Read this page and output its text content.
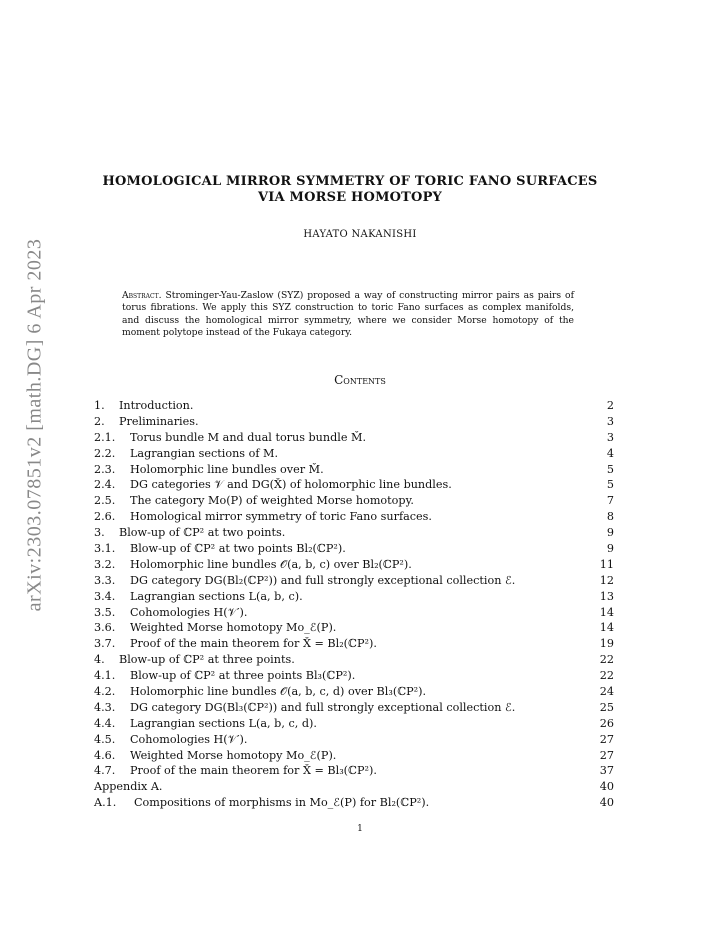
arXiv:2303.07851v2 [math.DG] 6 Apr 2023
HOMOLOGICAL MIRROR SYMMETRY OF TORIC FANO SURFACES
VIA MORSE HOMOTOPY
HAYATO NAKANISHI
Abstract. Strominger-Yau-Zaslow (SYZ) proposed a way of constructing mirror pairs as pairs of torus fibrations. We apply this SYZ construction to toric Fano surfaces as complex manifolds, and discuss the homological mirror symmetry, where we consider Morse homotopy of the moment polytope instead of the Fukaya category.
Contents
1.	Introduction.	2
2.	Preliminaries.	3
2.1.	Torus bundle M and dual torus bundle M̌.	3
2.2.	Lagrangian sections of M.	4
2.3.	Holomorphic line bundles over M̌.	5
2.4.	DG categories 𝒱 and DG(X̌) of holomorphic line bundles.	5
2.5.	The category Mo(P) of weighted Morse homotopy.	7
2.6.	Homological mirror symmetry of toric Fano surfaces.	8
3.	Blow-up of ℂP² at two points.	9
3.1.	Blow-up of ℂP² at two points Bl₂(ℂP²).	9
3.2.	Holomorphic line bundles 𝒪(a, b, c) over Bl₂(ℂP²).	11
3.3.	DG category DG(Bl₂(ℂP²)) and full strongly exceptional collection ℰ.	12
3.4.	Lagrangian sections L(a, b, c).	13
3.5.	Cohomologies H(𝒱′).	14
3.6.	Weighted Morse homotopy Mo_ℰ(P).	14
3.7.	Proof of the main theorem for X̌ = Bl₂(ℂP²).	19
4.	Blow-up of ℂP² at three points.	22
4.1.	Blow-up of ℂP² at three points Bl₃(ℂP²).	22
4.2.	Holomorphic line bundles 𝒪(a, b, c, d) over Bl₃(ℂP²).	24
4.3.	DG category DG(Bl₃(ℂP²)) and full strongly exceptional collection ℰ.	25
4.4.	Lagrangian sections L(a, b, c, d).	26
4.5.	Cohomologies H(𝒱′).	27
4.6.	Weighted Morse homotopy Mo_ℰ(P).	27
4.7.	Proof of the main theorem for X̌ = Bl₃(ℂP²).	37
Appendix A.	40
A.1.	Compositions of morphisms in Mo_ℰ(P) for Bl₂(ℂP²).	40
1
